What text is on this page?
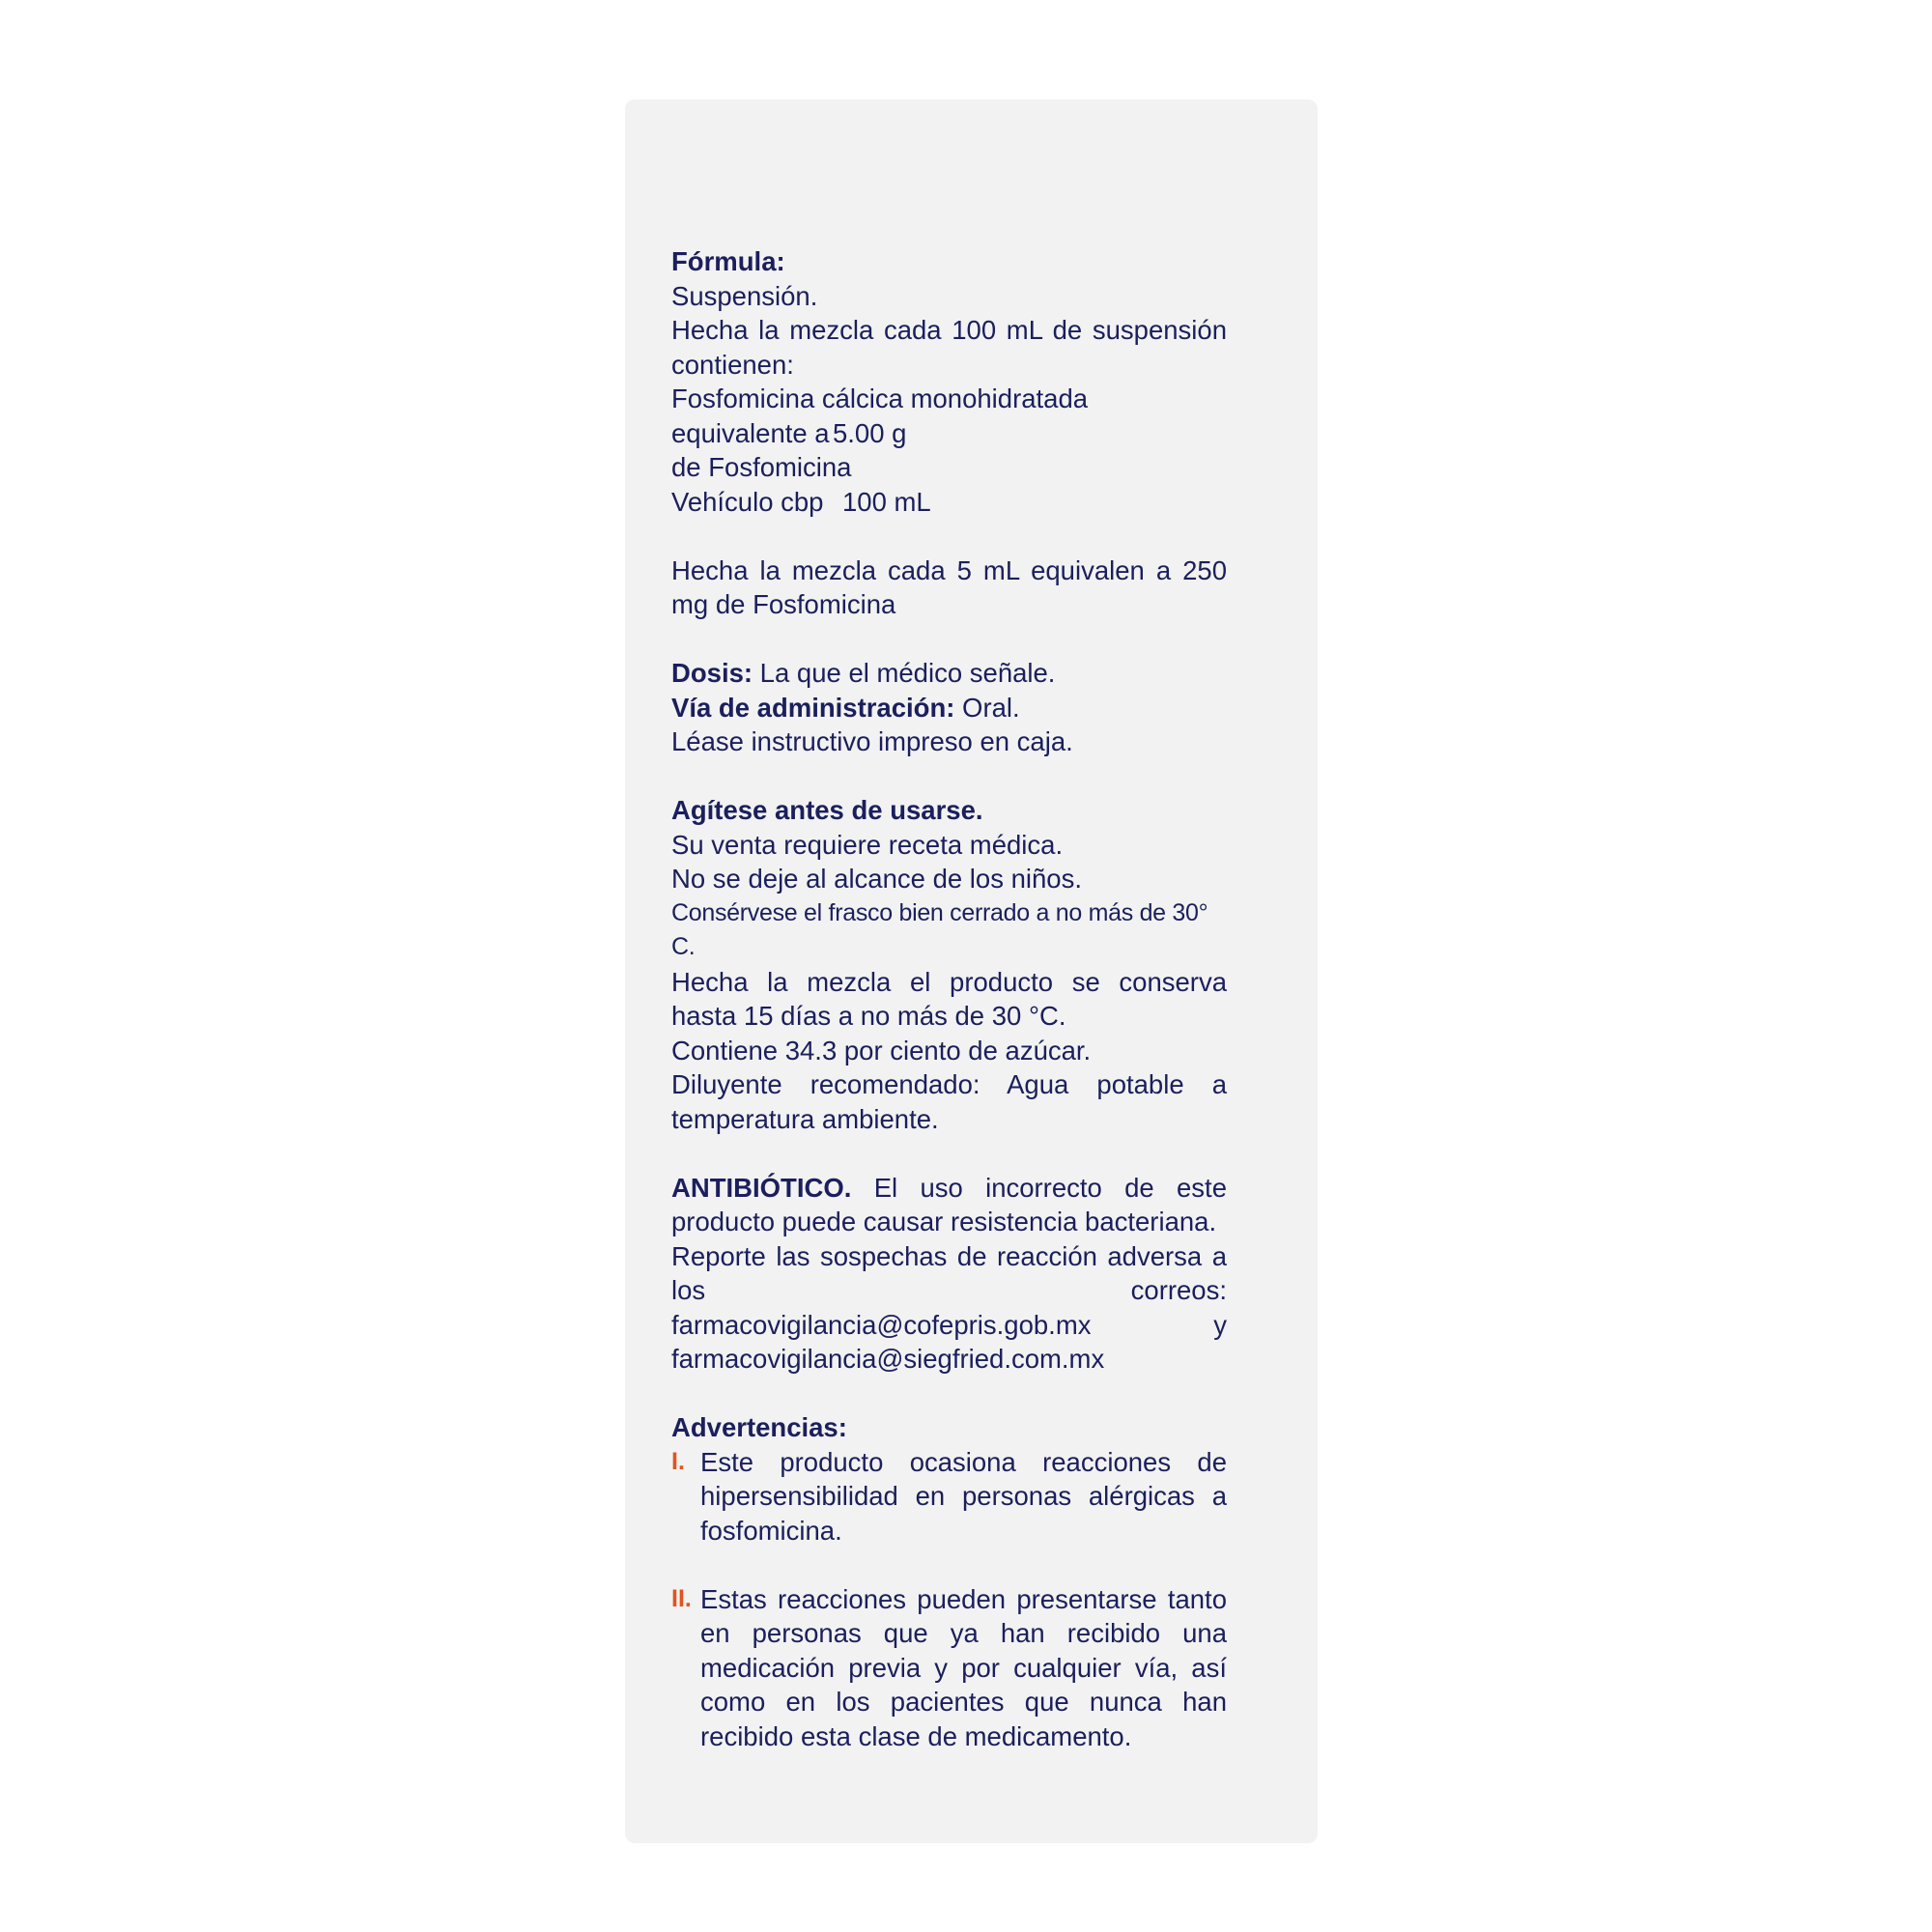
Fórmula:

Suspensión.

Hecha la mezcla cada 100 mL de suspensión contienen:

Fosfomicina cálcica monohidratada

equivalente a 5.00 g

de Fosfomicina

Vehículo cbp 100 mL

Hecha la mezcla cada 5 mL equivalen a 250 mg de Fosfomicina

Dosis: La que el médico señale.

Vía de administración: Oral.

Léase instructivo impreso en caja.

Agítese antes de usarse.

Su venta requiere receta médica.

No se deje al alcance de los niños.

Consérvese el frasco bien cerrado a no más de 30° C.

Hecha la mezcla el producto se conserva hasta 15 días a no más de 30 °C.

Contiene 34.3 por ciento de azúcar.

Diluyente recomendado: Agua potable a temperatura ambiente.

ANTIBIÓTICO. El uso incorrecto de este producto puede causar resistencia bacteriana.

Reporte las sospechas de reacción adversa a los correos: farmacovigilancia@cofepris.gob.mx y farmacovigilancia@siegfried.com.mx

Advertencias:

I. Este producto ocasiona reacciones de hipersensibilidad en personas alérgicas a fosfomicina.
II. Estas reacciones pueden presentarse tanto en personas que ya han recibido una medicación previa y por cualquier vía, así como en los pacientes que nunca han recibido esta clase de medicamento.
